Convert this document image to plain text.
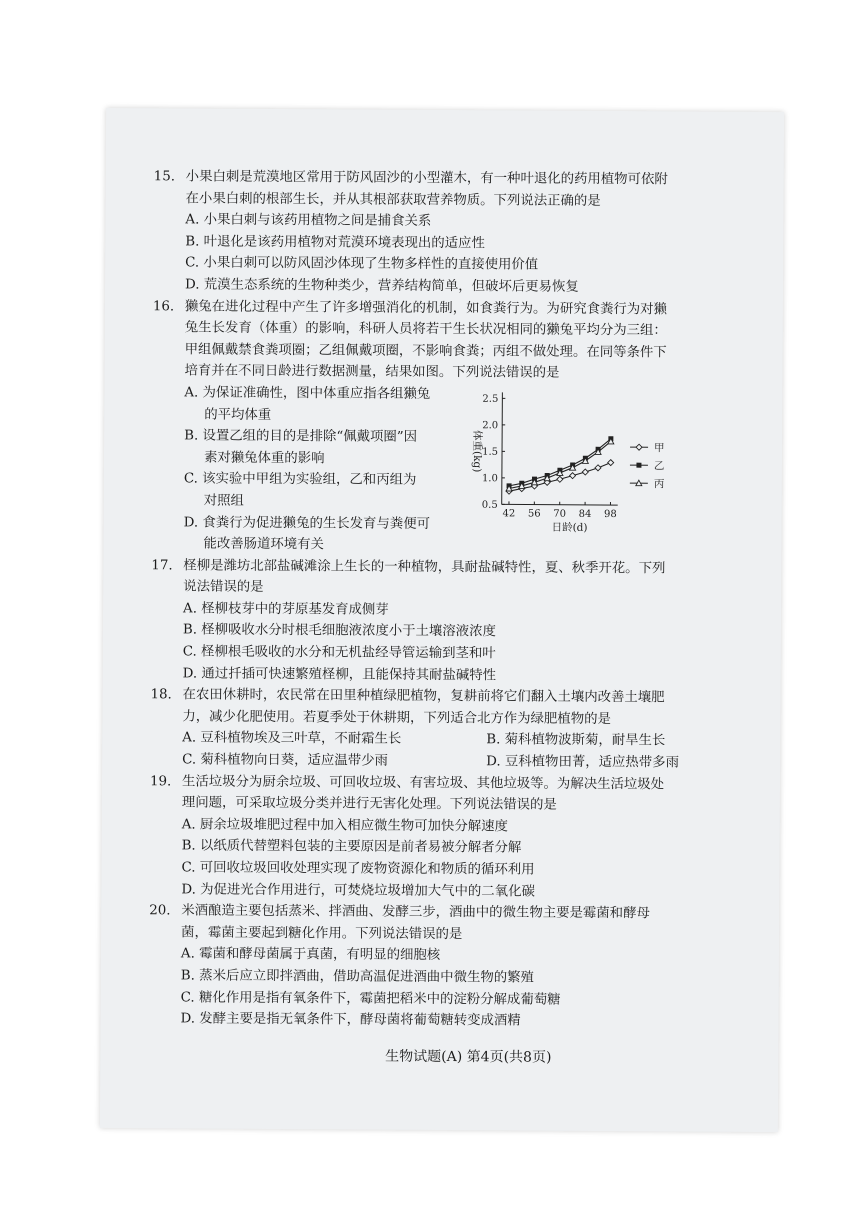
15. 小果白刺是荒漠地区常用于防风固沙的小型灌木，有一种叶退化的药用植物可依附
在小果白刺的根部生长，并从其根部获取营养物质。下列说法正确的是
A. 小果白刺与该药用植物之间是捕食关系
B. 叶退化是该药用植物对荒漠环境表现出的适应性
C. 小果白刺可以防风固沙体现了生物多样性的直接使用价值
D. 荒漠生态系统的生物种类少，营养结构简单，但破坏后更易恢复
16. 獭兔在进化过程中产生了许多增强消化的机制，如食粪行为。为研究食粪行为对獭
兔生长发育（体重）的影响，科研人员将若干生长状况相同的獭兔平均分为三组：
甲组佩戴禁食粪项圈；乙组佩戴项圈，不影响食粪；丙组不做处理。在同等条件下
培育并在不同日龄进行数据测量，结果如图。下列说法错误的是
A. 为保证准确性，图中体重应指各组獭兔
的平均体重
B. 设置乙组的目的是排除“佩戴项圈”因
素对獭兔体重的影响
C. 该实验中甲组为实验组，乙和丙组为
对照组
D. 食粪行为促进獭兔的生长发育与粪便可
能改善肠道环境有关
0.5
1.0
1.5
2.0
2.5
42 56 70 84 98
日龄(d)
体重(kg)	甲
乙
丙
17. 柽柳是潍坊北部盐碱滩涂上生长的一种植物，具耐盐碱特性，夏、秋季开花。下列
说法错误的是
A. 柽柳枝芽中的芽原基发育成侧芽
B. 柽柳吸收水分时根毛细胞液浓度小于土壤溶液浓度
C. 柽柳根毛吸收的水分和无机盐经导管运输到茎和叶
D. 通过扦插可快速繁殖柽柳，且能保持其耐盐碱特性
18. 在农田休耕时，农民常在田里种植绿肥植物，复耕前将它们翻入土壤内改善土壤肥
力，减少化肥使用。若夏季处于休耕期，下列适合北方作为绿肥植物的是
A. 豆科植物埃及三叶草，不耐霜生长	B. 菊科植物波斯菊，耐旱生长
C. 菊科植物向日葵，适应温带少雨	D. 豆科植物田菁，适应热带多雨
19. 生活垃圾分为厨余垃圾、可回收垃圾、有害垃圾、其他垃圾等。为解决生活垃圾处
理问题，可采取垃圾分类并进行无害化处理。下列说法错误的是
A. 厨余垃圾堆肥过程中加入相应微生物可加快分解速度
B. 以纸质代替塑料包装的主要原因是前者易被分解者分解
C. 可回收垃圾回收处理实现了废物资源化和物质的循环利用
D. 为促进光合作用进行，可焚烧垃圾增加大气中的二氧化碳
20. 米酒酿造主要包括蒸米、拌酒曲、发酵三步，酒曲中的微生物主要是霉菌和酵母
菌，霉菌主要起到糖化作用。下列说法错误的是
A. 霉菌和酵母菌属于真菌，有明显的细胞核
B. 蒸米后应立即拌酒曲，借助高温促进酒曲中微生物的繁殖
C. 糖化作用是指有氧条件下，霉菌把稻米中的淀粉分解成葡萄糖
D. 发酵主要是指无氧条件下，酵母菌将葡萄糖转变成酒精
生物试题(A) 第4页(共8页)
